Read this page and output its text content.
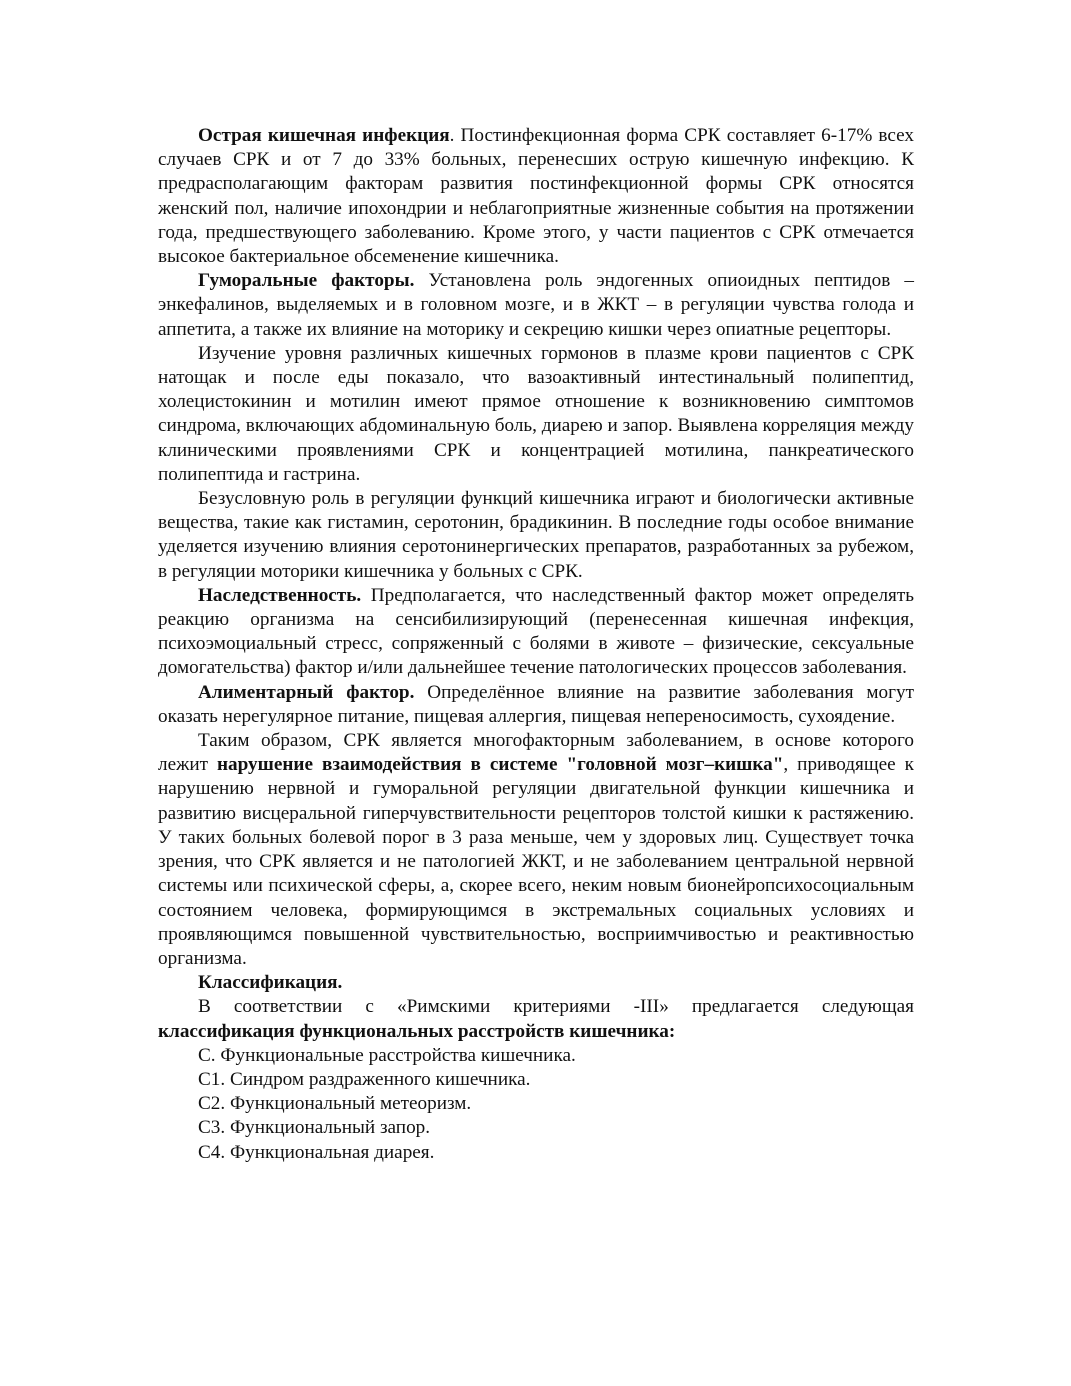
Острая кишечная инфекция. Постинфекционная форма СРК составляет 6-17% всех случаев СРК и от 7 до 33% больных, перенесших острую кишечную инфекцию. К предрасполагающим факторам развития постинфекционной формы СРК относятся женский пол, наличие ипохондрии и неблагоприятные жизненные события на протяжении года, предшествующего заболеванию. Кроме этого, у части пациентов с СРК отмечается высокое бактериальное обсеменение кишечника.

Гуморальные факторы. Установлена роль эндогенных опиоидных пептидов – энкефалинов, выделяемых и в головном мозге, и в ЖКТ – в регуляции чувства голода и аппетита, а также их влияние на моторику и секрецию кишки через опиатные рецепторы.

Изучение уровня различных кишечных гормонов в плазме крови пациентов с СРК натощак и после еды показало, что вазоактивный интестинальный полипептид, холецистокинин и мотилин имеют прямое отношение к возникновению симптомов синдрома, включающих абдоминальную боль, диарею и запор. Выявлена корреляция между клиническими проявлениями СРК и концентрацией мотилина, панкреатического полипептида и гастрина.

Безусловную роль в регуляции функций кишечника играют и биологически активные вещества, такие как гистамин, серотонин, брадикинин. В последние годы особое внимание уделяется изучению влияния серотонинергических препаратов, разработанных за рубежом, в регуляции моторики кишечника у больных с СРК.

Наследственность. Предполагается, что наследственный фактор может определять реакцию организма на сенсибилизирующий (перенесенная кишечная инфекция, психоэмоциальный стресс, сопряженный с болями в животе – физические, сексуальные домогательства) фактор и/или дальнейшее течение патологических процессов заболевания.

Алиментарный фактор. Определённое влияние на развитие заболевания могут оказать нерегулярное питание, пищевая аллергия, пищевая непереносимость, сухоядение.

Таким образом, СРК является многофакторным заболеванием, в основе которого лежит нарушение взаимодействия в системе "головной мозг–кишка", приводящее к нарушению нервной и гуморальной регуляции двигательной функции кишечника и развитию висцеральной гиперчувствительности рецепторов толстой кишки к растяжению. У таких больных болевой порог в 3 раза меньше, чем у здоровых лиц. Существует точка зрения, что СРК является и не патологией ЖКТ, и не заболеванием центральной нервной системы или психической сферы, а, скорее всего, неким новым бионейропсихосоциальным состоянием человека, формирующимся в экстремальных социальных условиях и проявляющимся повышенной чувствительностью, восприимчивостью и реактивностью организма.

Классификация.

В соответствии с «Римскими критериями -III» предлагается следующая классификация функциональных расстройств кишечника:

C. Функциональные расстройства кишечника.
C1. Синдром раздраженного кишечника.
C2. Функциональный метеоризм.
C3. Функциональный запор.
C4. Функциональная диарея.
